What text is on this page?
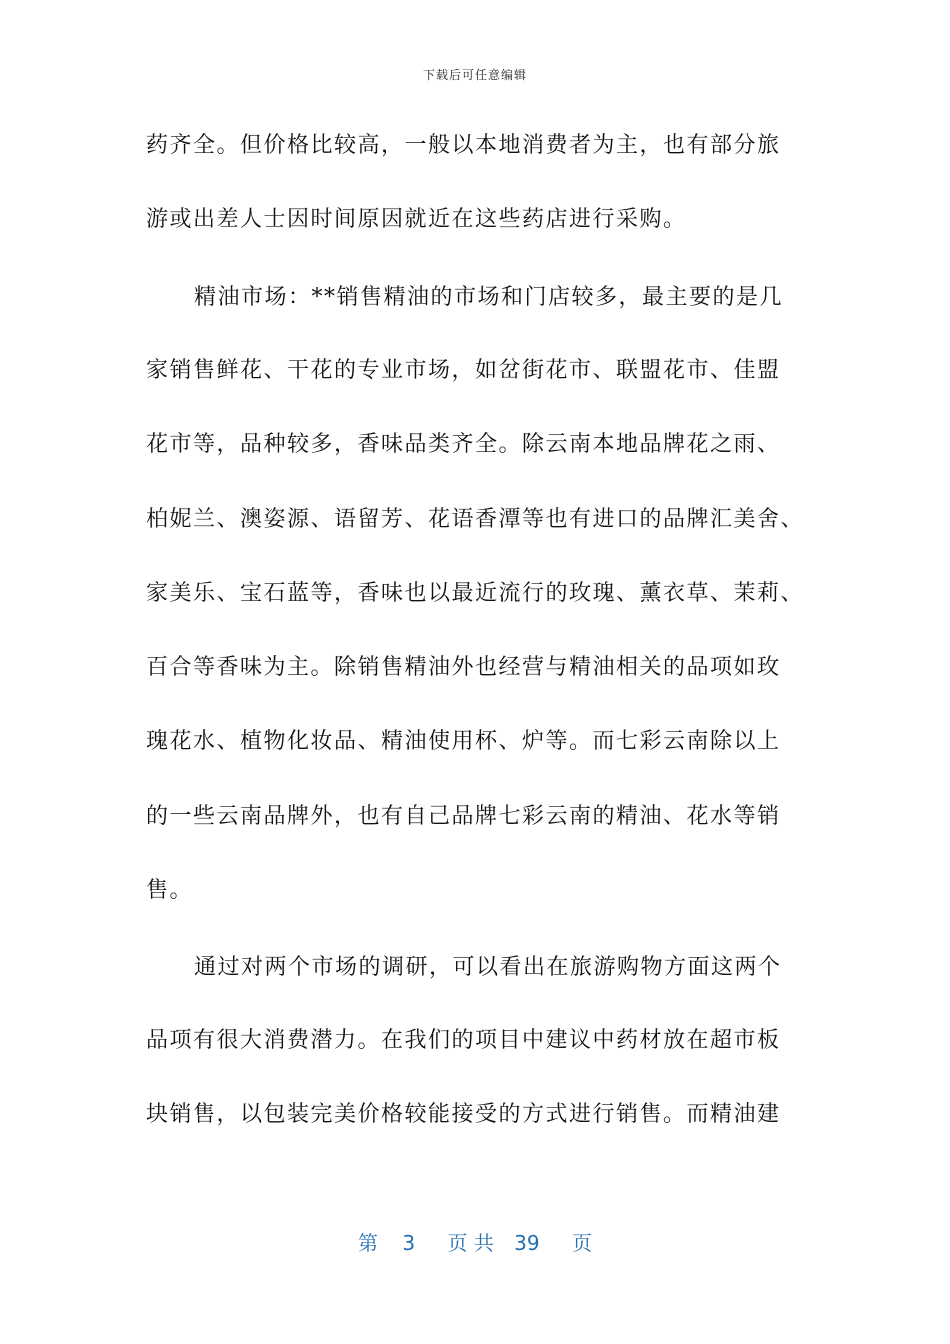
下载后可任意编辑
药齐全。但价格比较高，一般以本地消费者为主，也有部分旅
游或出差人士因时间原因就近在这些药店进行采购。
精油市场：**销售精油的市场和门店较多，最主要的是几
家销售鲜花、干花的专业市场，如岔街花市、联盟花市、佳盟
花市等，品种较多，香味品类齐全。除云南本地品牌花之雨、
柏妮兰、澳姿源、语留芳、花语香潭等也有进口的品牌汇美舍、
家美乐、宝石蓝等，香味也以最近流行的玫瑰、薰衣草、茉莉、
百合等香味为主。除销售精油外也经营与精油相关的品项如玫
瑰花水、植物化妆品、精油使用杯、炉等。而七彩云南除以上
的一些云南品牌外，也有自己品牌七彩云南的精油、花水等销
售。
通过对两个市场的调研，可以看出在旅游购物方面这两个
品项有很大消费潜力。在我们的项目中建议中药材放在超市板
块销售，以包装完美价格较能接受的方式进行销售。而精油建
第 3 页 共 39 页
